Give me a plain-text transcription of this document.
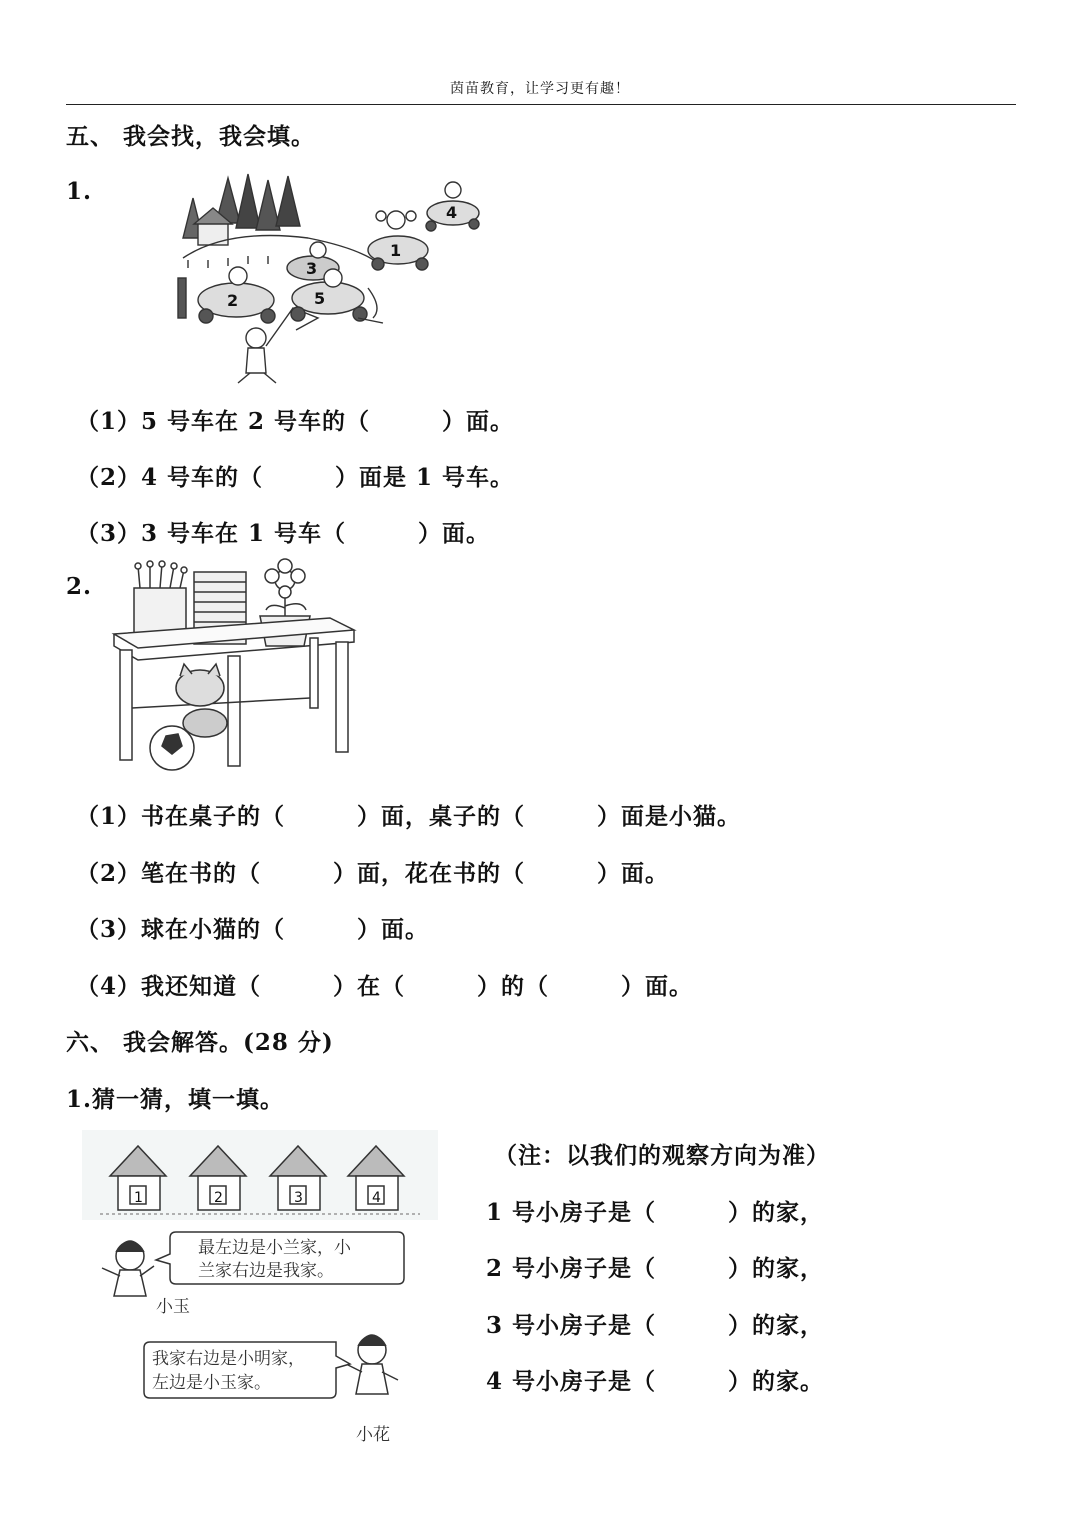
茵苗教育，让学习更有趣！
五、 我会找，我会填。
1.
2
3
5
1
4
（1）5 号车在 2 号车的（　　　）面。
（2）4 号车的（　　　）面是 1 号车。
（3）3 号车在 1 号车（　　　）面。
2.
（1）书在桌子的（　　　）面，桌子的（　　　）面是小猫。
（2）笔在书的（　　　）面，花在书的（　　　）面。
（3）球在小猫的（　　　）面。
（4）我还知道（　　　）在（　　　）的（　　　）面。
六、 我会解答。(28 分)
1.猜一猜，填一填。
1	2	3	4
最左边是小兰家，小
兰家右边是我家。
小玉
我家右边是小明家，
左边是小玉家。
小花
（注：以我们的观察方向为准）
1 号小房子是（　　　）的家，
2 号小房子是（　　　）的家，
3 号小房子是（　　　）的家，
4 号小房子是（　　　）的家。
